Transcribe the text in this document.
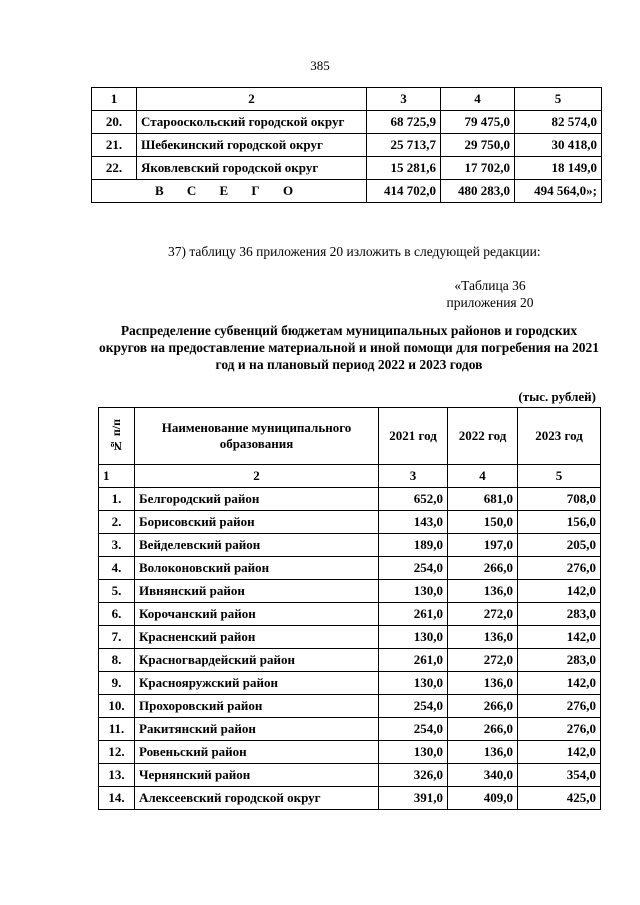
385
1	2	3	4	5
20.	Старооскольский городской округ	68 725,9	79 475,0	82 574,0
21.	Шебекинский городской округ	25 713,7	29 750,0	30 418,0
22.	Яковлевский городской округ	15 281,6	17 702,0	18 149,0
В С Е Г О		414 702,0	480 283,0	494 564,0»;
37) таблицу 36 приложения 20 изложить в следующей редакции:
«Таблица 36
приложения 20
Распределение субвенций бюджетам муниципальных районов и городских округов на предоставление материальной и иной помощи для погребения на 2021 год и на плановый период 2022 и 2023 годов
(тыс. рублей)
№ п/п	Наименование муниципального образования	2021 год	2022 год	2023 год
1	2	3	4	5
1.	Белгородский район	652,0	681,0	708,0
2.	Борисовский район	143,0	150,0	156,0
3.	Вейделевский район	189,0	197,0	205,0
4.	Волоконовский район	254,0	266,0	276,0
5.	Ивнянский район	130,0	136,0	142,0
6.	Корочанский район	261,0	272,0	283,0
7.	Красненский район	130,0	136,0	142,0
8.	Красногвардейский район	261,0	272,0	283,0
9.	Краснояружский район	130,0	136,0	142,0
10.	Прохоровский район	254,0	266,0	276,0
11.	Ракитянский район	254,0	266,0	276,0
12.	Ровеньский район	130,0	136,0	142,0
13.	Чернянский район	326,0	340,0	354,0
14.	Алексеевский городской округ	391,0	409,0	425,0
